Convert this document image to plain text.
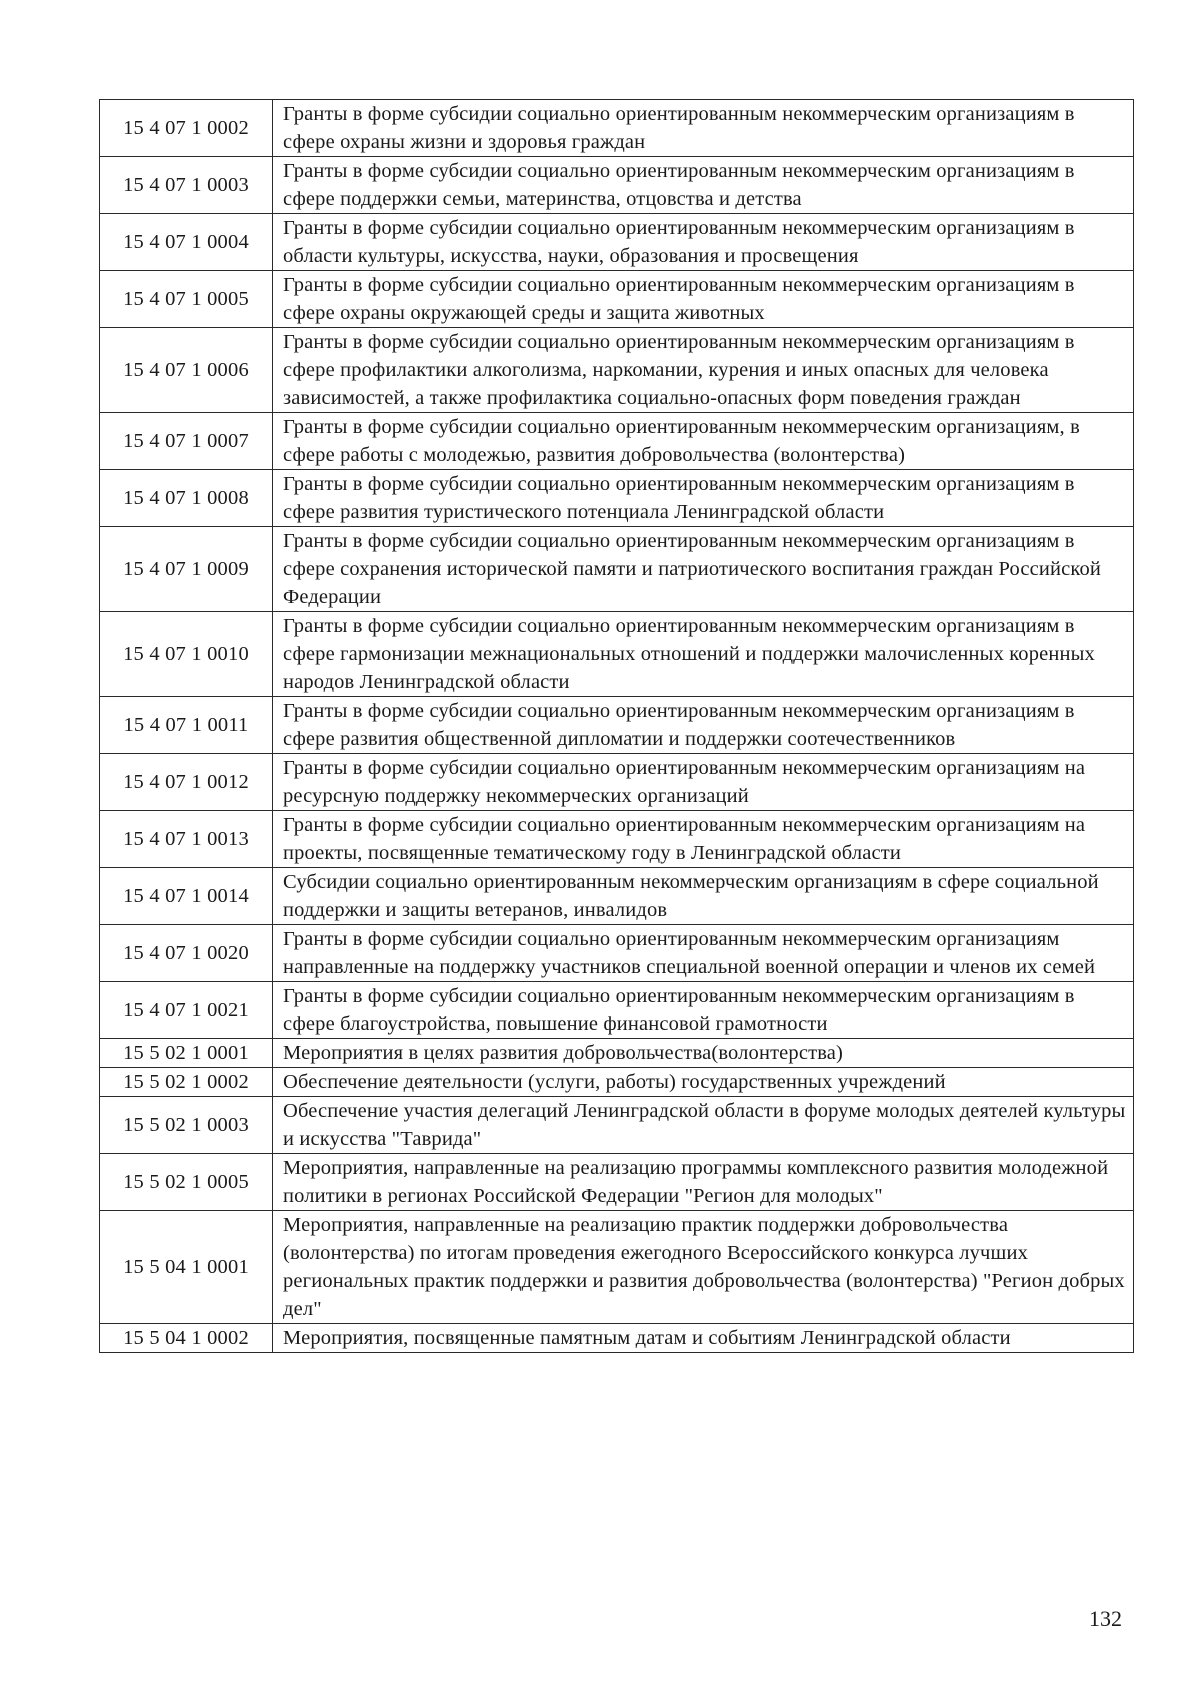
15 4 07 1 0002	Гранты в форме субсидии социально ориентированным некоммерческим организациям в сфере охраны жизни и здоровья граждан
15 4 07 1 0003	Гранты в форме субсидии социально ориентированным некоммерческим организациям в сфере поддержки семьи, материнства, отцовства и детства
15 4 07 1 0004	Гранты в форме субсидии социально ориентированным некоммерческим организациям в области культуры, искусства, науки, образования и просвещения
15 4 07 1 0005	Гранты в форме субсидии социально ориентированным некоммерческим организациям в сфере охраны окружающей среды и защита животных
15 4 07 1 0006	Гранты в форме субсидии социально ориентированным некоммерческим организациям в сфере профилактики алкоголизма, наркомании, курения и иных опасных для человека зависимостей, а также профилактика социально-опасных форм поведения граждан
15 4 07 1 0007	Гранты в форме субсидии социально ориентированным некоммерческим организациям, в сфере работы с молодежью, развития добровольчества (волонтерства)
15 4 07 1 0008	Гранты в форме субсидии социально ориентированным некоммерческим организациям в сфере развития туристического потенциала Ленинградской области
15 4 07 1 0009	Гранты в форме субсидии социально ориентированным некоммерческим организациям в сфере сохранения исторической памяти и патриотического воспитания граждан Российской Федерации
15 4 07 1 0010	Гранты в форме субсидии социально ориентированным некоммерческим организациям в сфере гармонизации межнациональных отношений и поддержки малочисленных коренных народов Ленинградской области
15 4 07 1 0011	Гранты в форме субсидии социально ориентированным некоммерческим организациям в сфере развития общественной дипломатии и поддержки соотечественников
15 4 07 1 0012	Гранты в форме субсидии социально ориентированным некоммерческим организациям на ресурсную поддержку некоммерческих организаций
15 4 07 1 0013	Гранты в форме субсидии социально ориентированным некоммерческим организациям на проекты, посвященные тематическому году в Ленинградской области
15 4 07 1 0014	Субсидии социально ориентированным некоммерческим организациям в сфере социальной поддержки и защиты ветеранов, инвалидов
15 4 07 1 0020	Гранты в форме субсидии социально ориентированным некоммерческим организациям направленные на поддержку участников специальной военной операции и членов их семей
15 4 07 1 0021	Гранты в форме субсидии социально ориентированным некоммерческим организациям в сфере благоустройства, повышение финансовой грамотности
15 5 02 1 0001	Мероприятия в целях развития добровольчества(волонтерства)
15 5 02 1 0002	Обеспечение деятельности (услуги, работы) государственных учреждений
15 5 02 1 0003	Обеспечение участия делегаций Ленинградской области в форуме молодых деятелей культуры и искусства "Таврида"
15 5 02 1 0005	Мероприятия, направленные на реализацию программы комплексного развития молодежной политики в регионах Российской Федерации "Регион для молодых"
15 5 04 1 0001	Мероприятия, направленные на реализацию практик поддержки добровольчества (волонтерства) по итогам проведения ежегодного Всероссийского конкурса лучших региональных практик поддержки и развития добровольчества (волонтерства) "Регион добрых дел"
15 5 04 1 0002	Мероприятия, посвященные памятным датам и событиям Ленинградской области
132
